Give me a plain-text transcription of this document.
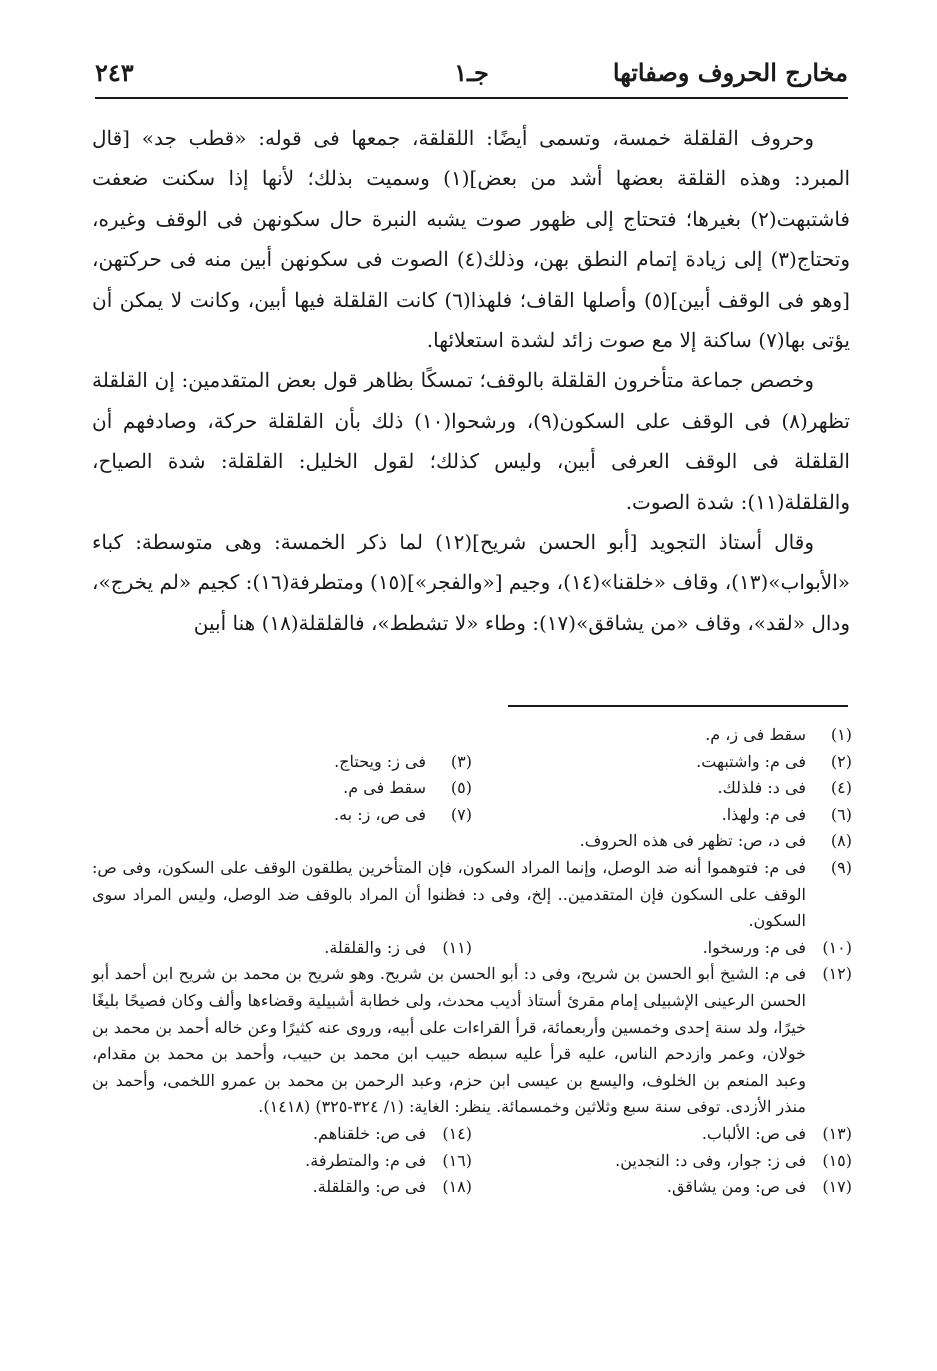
مخارج الحروف وصفاتها
جـ١
٢٤٣

وحروف القلقلة خمسة، وتسمى أيضًا: اللقلقة، جمعها فى قوله: «قطب جد» [قال المبرد: وهذه القلقة بعضها أشد من بعض](١) وسميت بذلك؛ لأنها إذا سكنت ضعفت فاشتبهت(٢) بغيرها؛ فتحتاج إلى ظهور صوت يشبه النبرة حال سكونهن فى الوقف وغيره، وتحتاج(٣) إلى زيادة إتمام النطق بهن، وذلك(٤) الصوت فى سكونهن أبين منه فى حركتهن، [وهو فى الوقف أبين](٥) وأصلها القاف؛ فلهذا(٦) كانت القلقلة فيها أبين، وكانت لا يمكن أن يؤتى بها(٧) ساكنة إلا مع صوت زائد لشدة استعلائها.

وخصص جماعة متأخرون القلقلة بالوقف؛ تمسكًا بظاهر قول بعض المتقدمين: إن القلقلة تظهر(٨) فى الوقف على السكون(٩)، ورشحوا(١٠) ذلك بأن القلقلة حركة، وصادفهم أن القلقلة فى الوقف العرفى أبين، وليس كذلك؛ لقول الخليل: القلقلة: شدة الصياح، والقلقلة(١١): شدة الصوت.

وقال أستاذ التجويد [أبو الحسن شريح](١٢) لما ذكر الخمسة: وهى متوسطة: كباء «الأبواب»(١٣)، وقاف «خلقنا»(١٤)، وجيم [«والفجر»](١٥) ومتطرفة(١٦): كجيم «لم يخرج»، ودال «لقد»، وقاف «من يشاقق»(١٧): وطاء «لا تشطط»، فالقلقلة(١٨) هنا أبين

(١)
سقط فى ز، م.
(٢)
فى م: واشتبهت.
(٣)
فى ز: ويحتاج.
(٤)
فى د: فلذلك.
(٥)
سقط فى م.
(٦)
فى م: ولهذا.
(٧)
فى ص، ز: به.
(٨)
فى د، ص: تظهر فى هذه الحروف.
(٩)
فى م: فتوهموا أنه ضد الوصل، وإنما المراد السكون، فإن المتأخرين يطلقون الوقف على السكون، وفى ص: الوقف على السكون فإن المتقدمين.. إلخ، وفى د: فظنوا أن المراد بالوقف ضد الوصل، وليس المراد سوى السكون.
(١٠)
فى م: ورسخوا.
(١١)
فى ز: والقلقلة.
(١٢)
فى م: الشيخ أبو الحسن بن شريح، وفى د: أبو الحسن بن شريح. وهو شريح بن محمد بن شريح ابن أحمد أبو الحسن الرعينى الإشبيلى إمام مقرئ أستاذ أديب محدث، ولى خطابة أشبيلية وقضاءها وألف وكان فصيحًا بليغًا خيرًا، ولد سنة إحدى وخمسين وأربعمائة، قرأ القراءات على أبيه، وروى عنه كثيرًا وعن خاله أحمد بن محمد بن خولان، وعمر وازدحم الناس، عليه قرأ عليه سبطه حبيب ابن محمد بن حبيب، وأحمد بن محمد بن مقدام، وعبد المنعم بن الخلوف، واليسع بن عيسى ابن حزم، وعبد الرحمن بن محمد بن عمرو اللخمى، وأحمد بن منذر الأزدى. توفى سنة سبع وثلاثين وخمسمائة. ينظر: الغاية: (١/ ٣٢٤-٣٢٥) (١٤١٨).
(١٣)
فى ص: الألباب.
(١٤)
فى ص: خلقناهم.
(١٥)
فى ز: جوار، وفى د: النجدين.
(١٦)
فى م: والمتطرفة.
(١٧)
فى ص: ومن يشاقق.
(١٨)
فى ص: والقلقلة.
